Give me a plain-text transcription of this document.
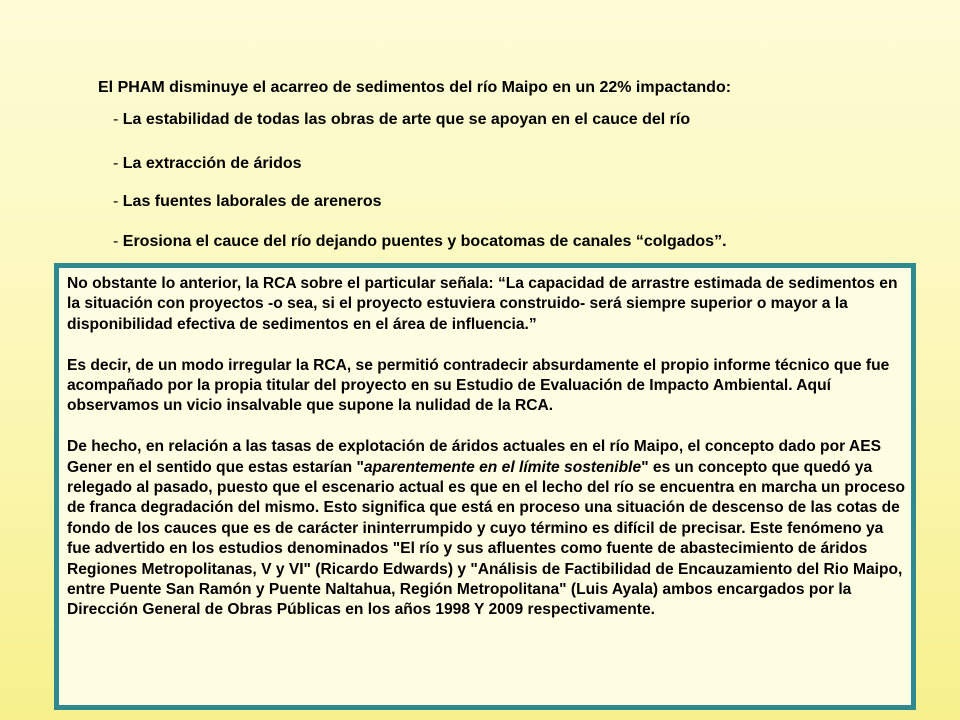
El PHAM disminuye el acarreo de sedimentos del río Maipo en un 22% impactando:
- La estabilidad de todas las obras de arte que se apoyan en el cauce del río
- La extracción de áridos
- Las fuentes laborales de areneros
- Erosiona el cauce del río dejando puentes y bocatomas de canales “colgados”.

No obstante lo anterior, la RCA sobre el particular señala: “La capacidad de arrastre estimada de sedimentos en la situación con proyectos -o sea, si el proyecto estuviera construido- será siempre superior o mayor a la disponibilidad efectiva de sedimentos en el área de influencia.”

Es decir, de un modo irregular la RCA, se permitió contradecir absurdamente el propio informe técnico que fue acompañado por la propia titular del proyecto en su Estudio de Evaluación de Impacto Ambiental. Aquí observamos un vicio insalvable que supone la nulidad de la RCA.

De hecho, en relación a las tasas de explotación de áridos actuales en el río Maipo, el concepto dado por AES Gener en el sentido que estas estarían "aparentemente en el límite sostenible" es un concepto que quedó ya relegado al pasado, puesto que el escenario actual es que en el lecho del río se encuentra en marcha un proceso de franca degradación del mismo. Esto significa que está en proceso una situación de descenso de las cotas de fondo de los cauces que es de carácter ininterrumpido y cuyo término es difícil de precisar. Este fenómeno ya fue advertido en los estudios denominados "El río y sus afluentes como fuente de abastecimiento de áridos Regiones Metropolitanas, V y VI" (Ricardo Edwards) y "Análisis de Factibilidad de Encauzamiento del Rio Maipo, entre Puente San Ramón y Puente Naltahua, Región Metropolitana" (Luis Ayala) ambos encargados por la Dirección General de Obras Públicas en los años 1998 Y 2009 respectivamente.
